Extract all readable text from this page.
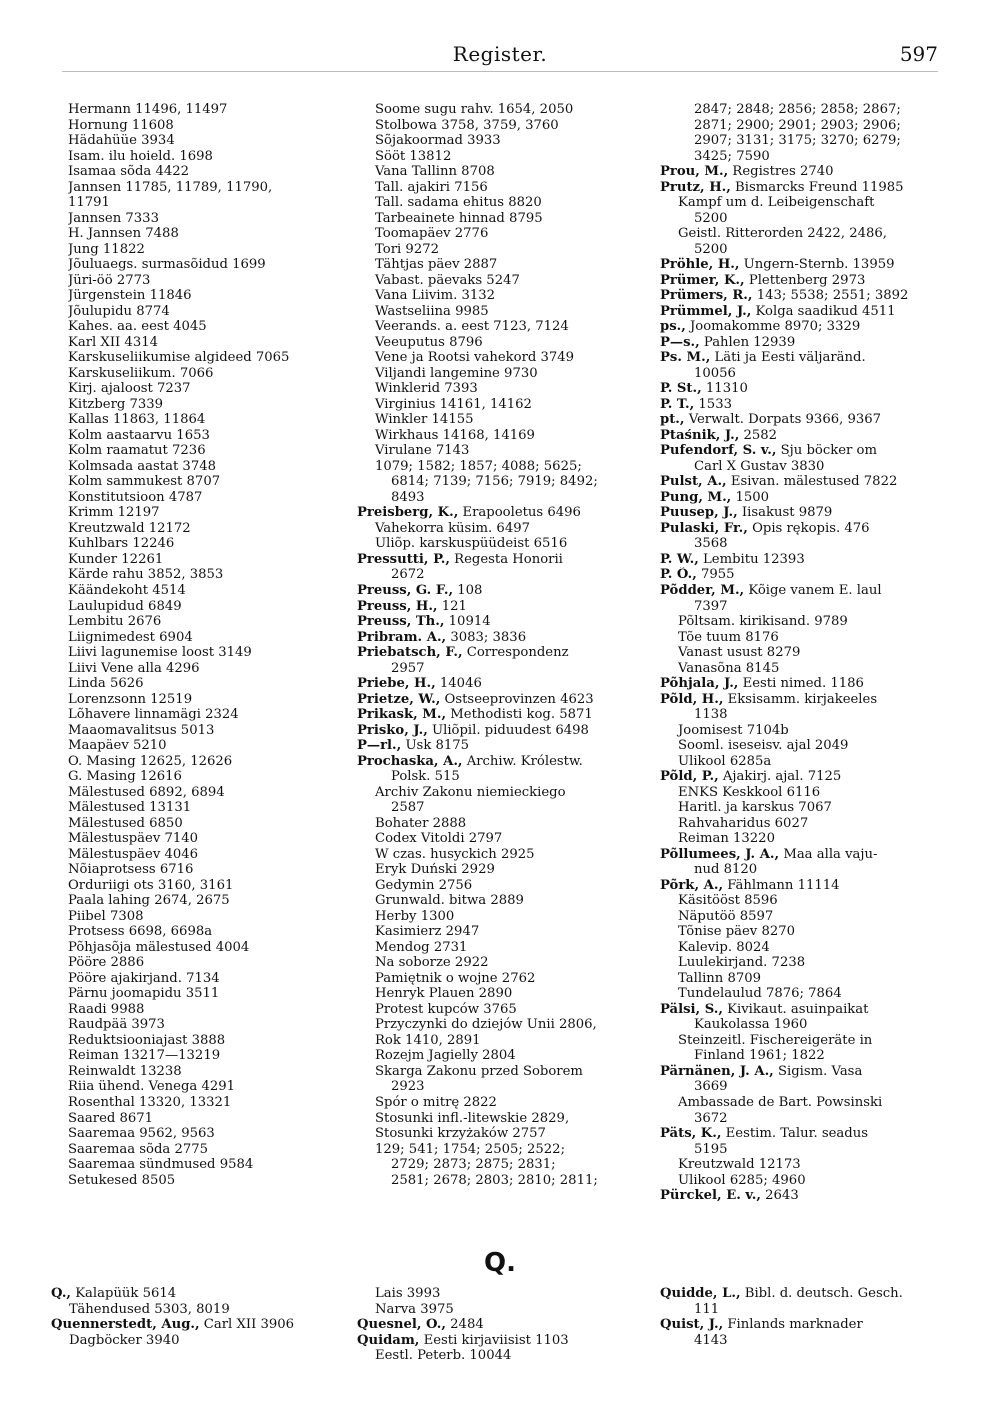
Register.	597
Hermann 11496, 11497
Hornung 11608
Hädahüüe 3934
Isam. ilu hoield. 1698
Isamaa sõda 4422
Jannsen 11785, 11789, 11790,
11791
Jannsen 7333
H. Jannsen 7488
Jung 11822
Jõuluaegs. surmasõidud 1699
Jüri-öö 2773
Jürgenstein 11846
Jõulupidu 8774
Kahes. aa. eest 4045
Karl XII 4314
Karskuseliikumise algideed 7065
Karskuseliikum. 7066
Kirj. ajaloost 7237
Kitzberg 7339
Kallas 11863, 11864
Kolm aastaarvu 1653
Kolm raamatut 7236
Kolmsada aastat 3748
Kolm sammukest 8707
Konstitutsioon 4787
Krimm 12197
Kreutzwald 12172
Kuhlbars 12246
Kunder 12261
Kärde rahu 3852, 3853
Käändekoht 4514
Laulupidud 6849
Lembitu 2676
Liignimedest 6904
Liivi lagunemise loost 3149
Liivi Vene alla 4296
Linda 5626
Lorenzsonn 12519
Lõhavere linnamägi 2324
Maaomavalitsus 5013
Maapäev 5210
O. Masing 12625, 12626
G. Masing 12616
Mälestused 6892, 6894
Mälestused 13131
Mälestused 6850
Mälestuspäev 7140
Mälestuspäev 4046
Nõiaprotsess 6716
Orduriigi ots 3160, 3161
Paala lahing 2674, 2675
Piibel 7308
Protsess 6698, 6698a
Põhjasõja mälestused 4004
Pööre 2886
Pööre ajakirjand. 7134
Pärnu joomapidu 3511
Raadi 9988
Raudpää 3973
Reduktsiooniajast 3888
Reiman 13217—13219
Reinwaldt 13238
Riia ühend. Venega 4291
Rosenthal 13320, 13321
Saared 8671
Saaremaa 9562, 9563
Saaremaa sõda 2775
Saaremaa sündmused 9584
Setukesed 8505
Soome sugu rahv. 1654, 2050
Stolbowa 3758, 3759, 3760
Sõjakoormad 3933
Sööt 13812
Vana Tallinn 8708
Tall. ajakiri 7156
Tall. sadama ehitus 8820
Tarbeainete hinnad 8795
Toomapäev 2776
Tori 9272
Tähtjas päev 2887
Vabast. päevaks 5247
Vana Liivim. 3132
Wastseliina 9985
Veerands. a. eest 7123, 7124
Veeuputus 8796
Vene ja Rootsi vahekord 3749
Viljandi langemine 9730
Winklerid 7393
Virginius 14161, 14162
Winkler 14155
Wirkhaus 14168, 14169
Virulane 7143
1079; 1582; 1857; 4088; 5625;
6814; 7139; 7156; 7919; 8492;
8493
Preisberg, K., Erapooletus 6496
Vahekorra küsim. 6497
Üliõp. karskuspüüdeist 6516
Pressutti, P., Regesta Honorii
2672
Preuss, G. F., 108
Preuss, H., 121
Preuss, Th., 10914
Pribram. A., 3083; 3836
Priebatsch, F., Correspondenz
2957
Priebe, H., 14046
Prietze, W., Ostseeprovinzen 4623
Prikask, M., Methodisti kog. 5871
Prisko, J., Üliõpil. piduudest 6498
P—rl., Usk 8175
Prochaska, A., Archiw. Królestw.
Polsk. 515
Archiv Zakonu niemieckiego
2587
Bohater 2888
Codex Vitoldi 2797
W czas. husyckich 2925
Eryk Duński 2929
Gedymin 2756
Grunwald. bitwa 2889
Herby 1300
Kasimierz 2947
Mendog 2731
Na soborze 2922
Pamiętnik o wojne 2762
Henryk Plauen 2890
Protest kupców 3765
Przyczynki do dziejów Unii 2806,
Rok 1410, 2891
Rozejm Jagielly 2804
Skarga Zakonu przed Soborem
2923
Spór o mitrę 2822
Stosunki infl.-litewskie 2829,
Stosunki krzyżaków 2757
129; 541; 1754; 2505; 2522;
2729; 2873; 2875; 2831;
2581; 2678; 2803; 2810; 2811;
2847; 2848; 2856; 2858; 2867;
2871; 2900; 2901; 2903; 2906;
2907; 3131; 3175; 3270; 6279;
3425; 7590
Prou, M., Registres 2740
Prutz, H., Bismarcks Freund 11985
Kampf um d. Leibeigenschaft
5200
Geistl. Ritterorden 2422, 2486,
5200
Pröhle, H., Ungern-Sternb. 13959
Prümer, K., Plettenberg 2973
Prümers, R., 143; 5538; 2551; 3892
Prümmel, J., Kolga saadikud 4511
ps., Joomakomme 8970; 3329
P—s., Pahlen 12939
Ps. M., Läti ja Eesti väljaränd.
10056
P. St., 11310
P. T., 1533
pt., Verwalt. Dorpats 9366, 9367
Ptaśnik, J., 2582
Pufendorf, S. v., Sju böcker om
Carl X Gustav 3830
Pulst, A., Esivan. mälestused 7822
Pung, M., 1500
Puusep, J., Iisakust 9879
Pulaski, Fr., Opis rękopis. 476
3568
P. W., Lembitu 12393
P. Õ., 7955
Põdder, M., Kõige vanem E. laul
7397
Põltsam. kirikisand. 9789
Tõe tuum 8176
Vanast usust 8279
Vanasõna 8145
Põhjala, J., Eesti nimed. 1186
Põld, H., Eksisamm. kirjakeeles
1138
Joomisest 7104b
Sooml. iseseisv. ajal 2049
Ülikool 6285a
Põld, P., Ajakirj. ajal. 7125
ENKS Keskkool 6116
Haritl. ja karskus 7067
Rahvaharidus 6027
Reiman 13220
Põllumees, J. A., Maa alla vaju-
nud 8120
Põrk, A., Fählmann 11114
Käsitööst 8596
Näputöö 8597
Tõnise päev 8270
Kalevip. 8024
Luulekirjand. 7238
Tallinn 8709
Tundelaulud 7876; 7864
Pälsi, S., Kivikaut. asuinpaikat
Kaukolassa 1960
Steinzeitl. Fischereigeräte in
Finland 1961; 1822
Pärnänen, J. A., Sigism. Vasa
3669
Ambassade de Bart. Powsinski
3672
Päts, K., Eestim. Talur. seadus
5195
Kreutzwald 12173
Ülikool 6285; 4960
Pürckel, E. v., 2643
Q.
Q., Kalapüük 5614
Tähendused 5303, 8019
Quennerstedt, Aug., Carl XII 3906
Dagböcker 3940
Lais 3993
Narva 3975
Quesnel, O., 2484
Quidam, Eesti kirjaviisist 1103
Eestl. Peterb. 10044
Quidde, L., Bibl. d. deutsch. Gesch.
111
Quist, J., Finlands marknader
4143
